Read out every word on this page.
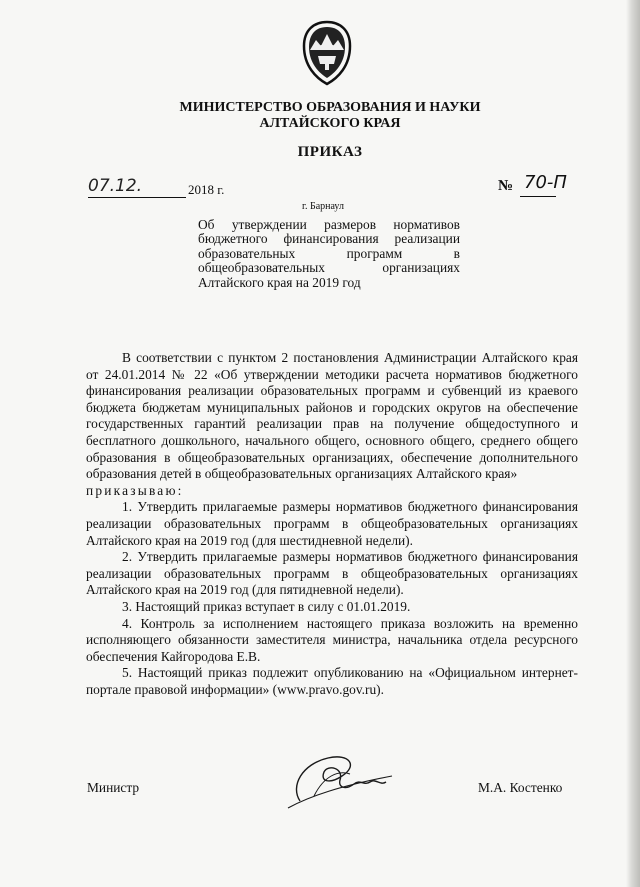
МИНИСТЕРСТВО ОБРАЗОВАНИЯ И НАУКИ
АЛТАЙСКОГО КРАЯ
ПРИКАЗ
07.12.	2018 г.	№ 70-П
г. Барнаул
Об утверждении размеров нормативов бюджетного финансирования реализации образовательных программ в общеобразовательных организациях Алтайского края на 2019 год

В соответствии с пунктом 2 постановления Администрации Алтайского края от 24.01.2014 № 22 «Об утверждении методики расчета нормативов бюджетного финансирования реализации образовательных программ и субвенций из краевого бюджета бюджетам муниципальных районов и городских округов на обеспечение государственных гарантий реализации прав на получение общедоступного и бесплатного дошкольного, начального общего, основного общего, среднего общего образования в общеобразовательных организациях, обеспечение дополнительного образования детей в общеобразовательных организациях Алтайского края»

приказываю:

1. Утвердить прилагаемые размеры нормативов бюджетного финансирования реализации образовательных программ в общеобразовательных организациях Алтайского края на 2019 год (для шестидневной недели).

2. Утвердить прилагаемые размеры нормативов бюджетного финансирования реализации образовательных программ в общеобразовательных организациях Алтайского края на 2019 год (для пятидневной недели).

3. Настоящий приказ вступает в силу с 01.01.2019.

4. Контроль за исполнением настоящего приказа возложить на временно исполняющего обязанности заместителя министра, начальника отдела ресурсного обеспечения Кайгородова Е.В.

5. Настоящий приказ подлежит опубликованию на «Официальном интернет-портале правовой информации» (www.pravo.gov.ru).

Министр	М.А. Костенко
